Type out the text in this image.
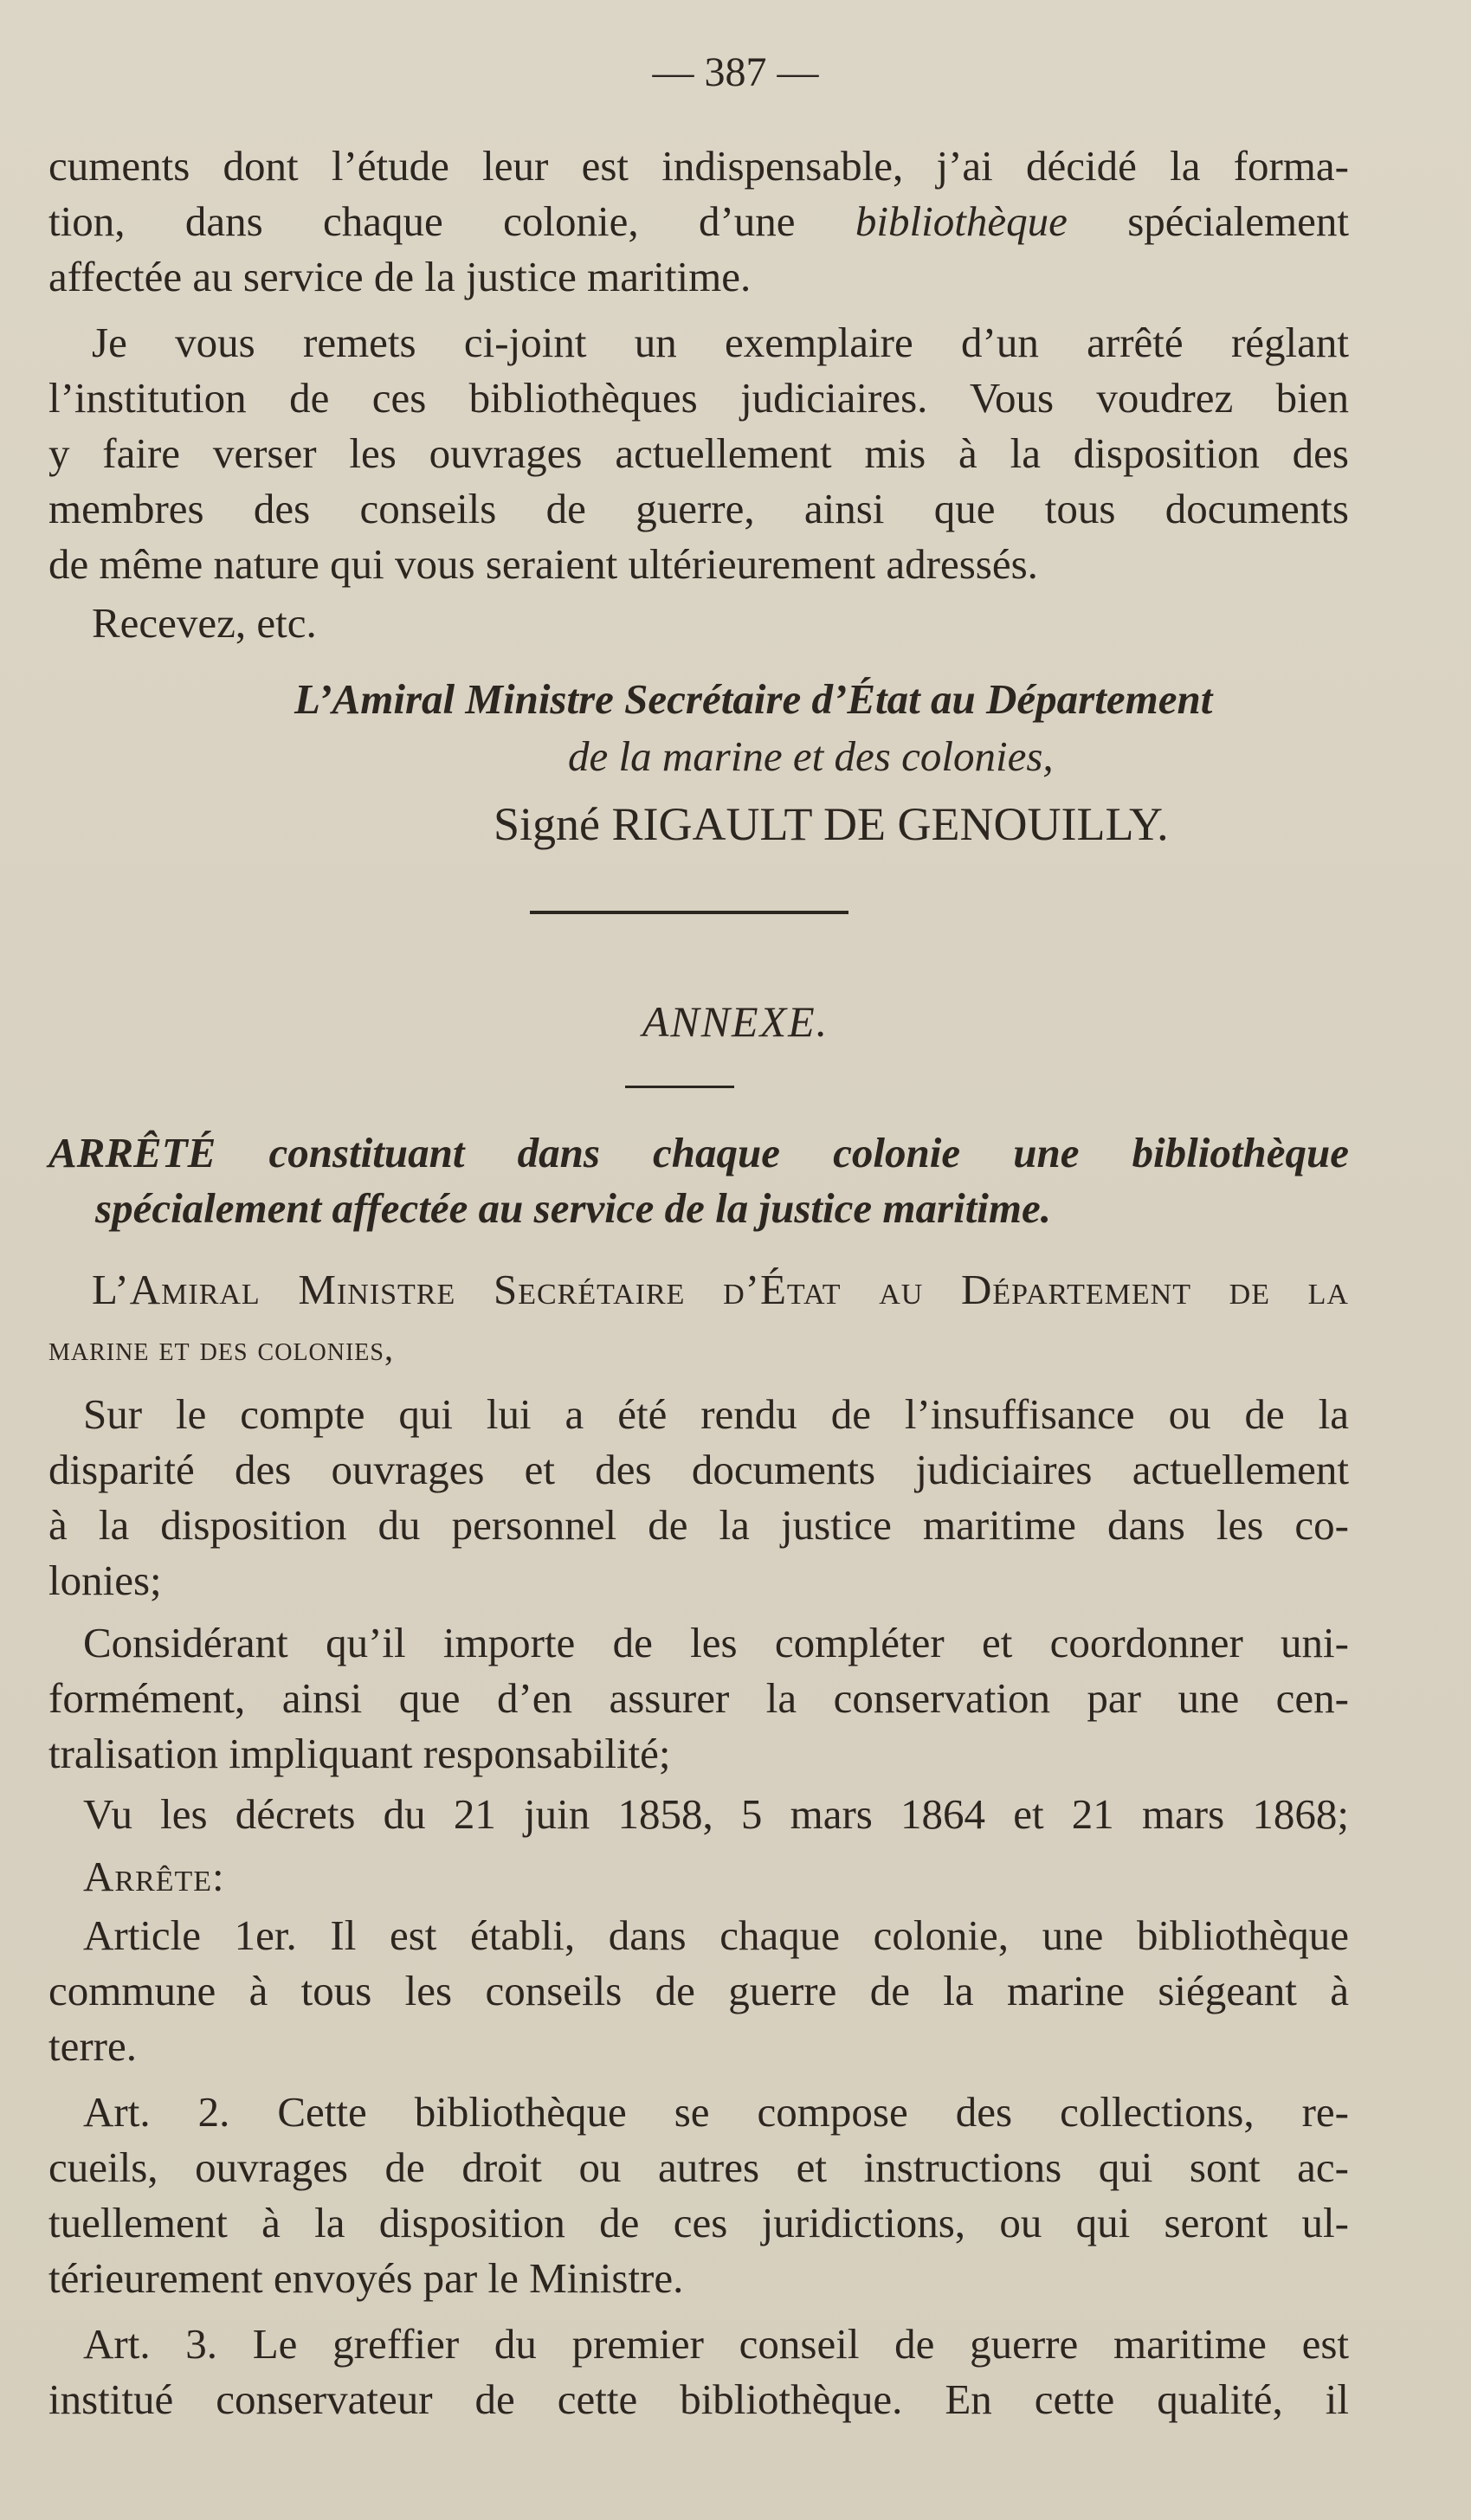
— 387 —
cuments dont l’étude leur est indispensable, j’ai décidé la forma-
tion, dans chaque colonie, d’une bibliothèque spécialement
affectée au service de la justice maritime.
Je vous remets ci-joint un exemplaire d’un arrêté réglant
l’institution de ces bibliothèques judiciaires. Vous voudrez bien
y faire verser les ouvrages actuellement mis à la disposition des
membres des conseils de guerre, ainsi que tous documents
de même nature qui vous seraient ultérieurement adressés.
Recevez, etc.
L’Amiral Ministre Secrétaire d’État au Département
de la marine et des colonies,
Signé RIGAULT DE GENOUILLY.
ANNEXE.
ARRÊTÉ constituant dans chaque colonie une bibliothèque
spécialement affectée au service de la justice maritime.
L’Amiral Ministre Secrétaire d’État au Département de la
marine et des colonies,
Sur le compte qui lui a été rendu de l’insuffisance ou de la
disparité des ouvrages et des documents judiciaires actuellement
à la disposition du personnel de la justice maritime dans les co-
lonies;
Considérant qu’il importe de les compléter et coordonner uni-
formément, ainsi que d’en assurer la conservation par une cen-
tralisation impliquant responsabilité;
Vu les décrets du 21 juin 1858, 5 mars 1864 et 21 mars 1868;
Arrête:
Article 1er. Il est établi, dans chaque colonie, une bibliothèque
commune à tous les conseils de guerre de la marine siégeant à
terre.
Art. 2. Cette bibliothèque se compose des collections, re-
cueils, ouvrages de droit ou autres et instructions qui sont ac-
tuellement à la disposition de ces juridictions, ou qui seront ul-
térieurement envoyés par le Ministre.
Art. 3. Le greffier du premier conseil de guerre maritime est
institué conservateur de cette bibliothèque. En cette qualité, il
